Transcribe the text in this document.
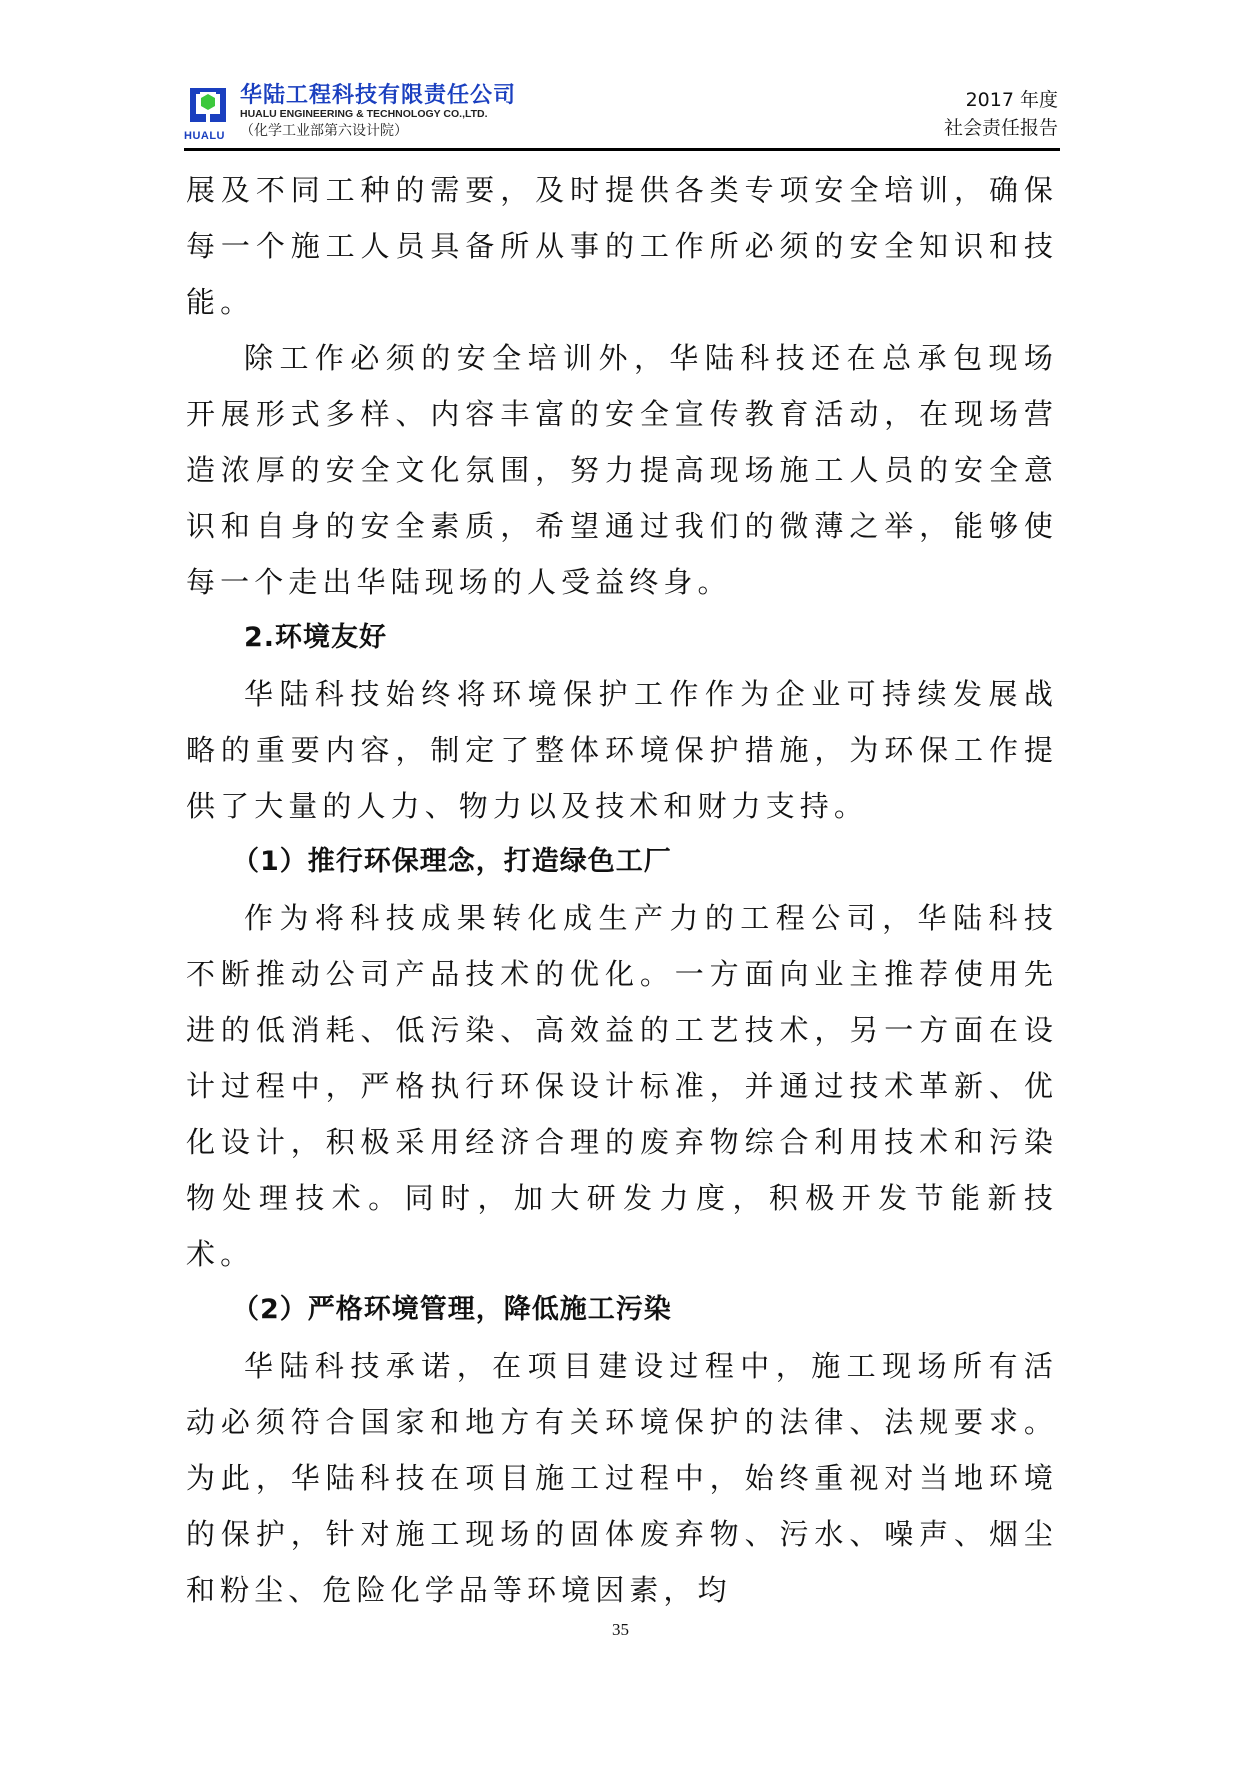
HUALU
华陆工程科技有限责任公司
HUALU ENGINEERING & TECHNOLOGY CO.,LTD.
（化学工业部第六设计院）
2017 年度
社会责任报告

展及不同工种的需要，及时提供各类专项安全培训，确保每一个施工人员具备所从事的工作所必须的安全知识和技能。

除工作必须的安全培训外，华陆科技还在总承包现场开展形式多样、内容丰富的安全宣传教育活动，在现场营造浓厚的安全文化氛围，努力提高现场施工人员的安全意识和自身的安全素质，希望通过我们的微薄之举，能够使每一个走出华陆现场的人受益终身。

2.环境友好

华陆科技始终将环境保护工作作为企业可持续发展战略的重要内容，制定了整体环境保护措施，为环保工作提供了大量的人力、物力以及技术和财力支持。

（1）推行环保理念，打造绿色工厂

作为将科技成果转化成生产力的工程公司，华陆科技不断推动公司产品技术的优化。一方面向业主推荐使用先进的低消耗、低污染、高效益的工艺技术，另一方面在设计过程中，严格执行环保设计标准，并通过技术革新、优化设计，积极采用经济合理的废弃物综合利用技术和污染物处理技术。同时，加大研发力度，积极开发节能新技术。

（2）严格环境管理，降低施工污染

华陆科技承诺，在项目建设过程中，施工现场所有活动必须符合国家和地方有关环境保护的法律、法规要求。为此，华陆科技在项目施工过程中，始终重视对当地环境的保护，针对施工现场的固体废弃物、污水、噪声、烟尘和粉尘、危险化学品等环境因素，均

35
